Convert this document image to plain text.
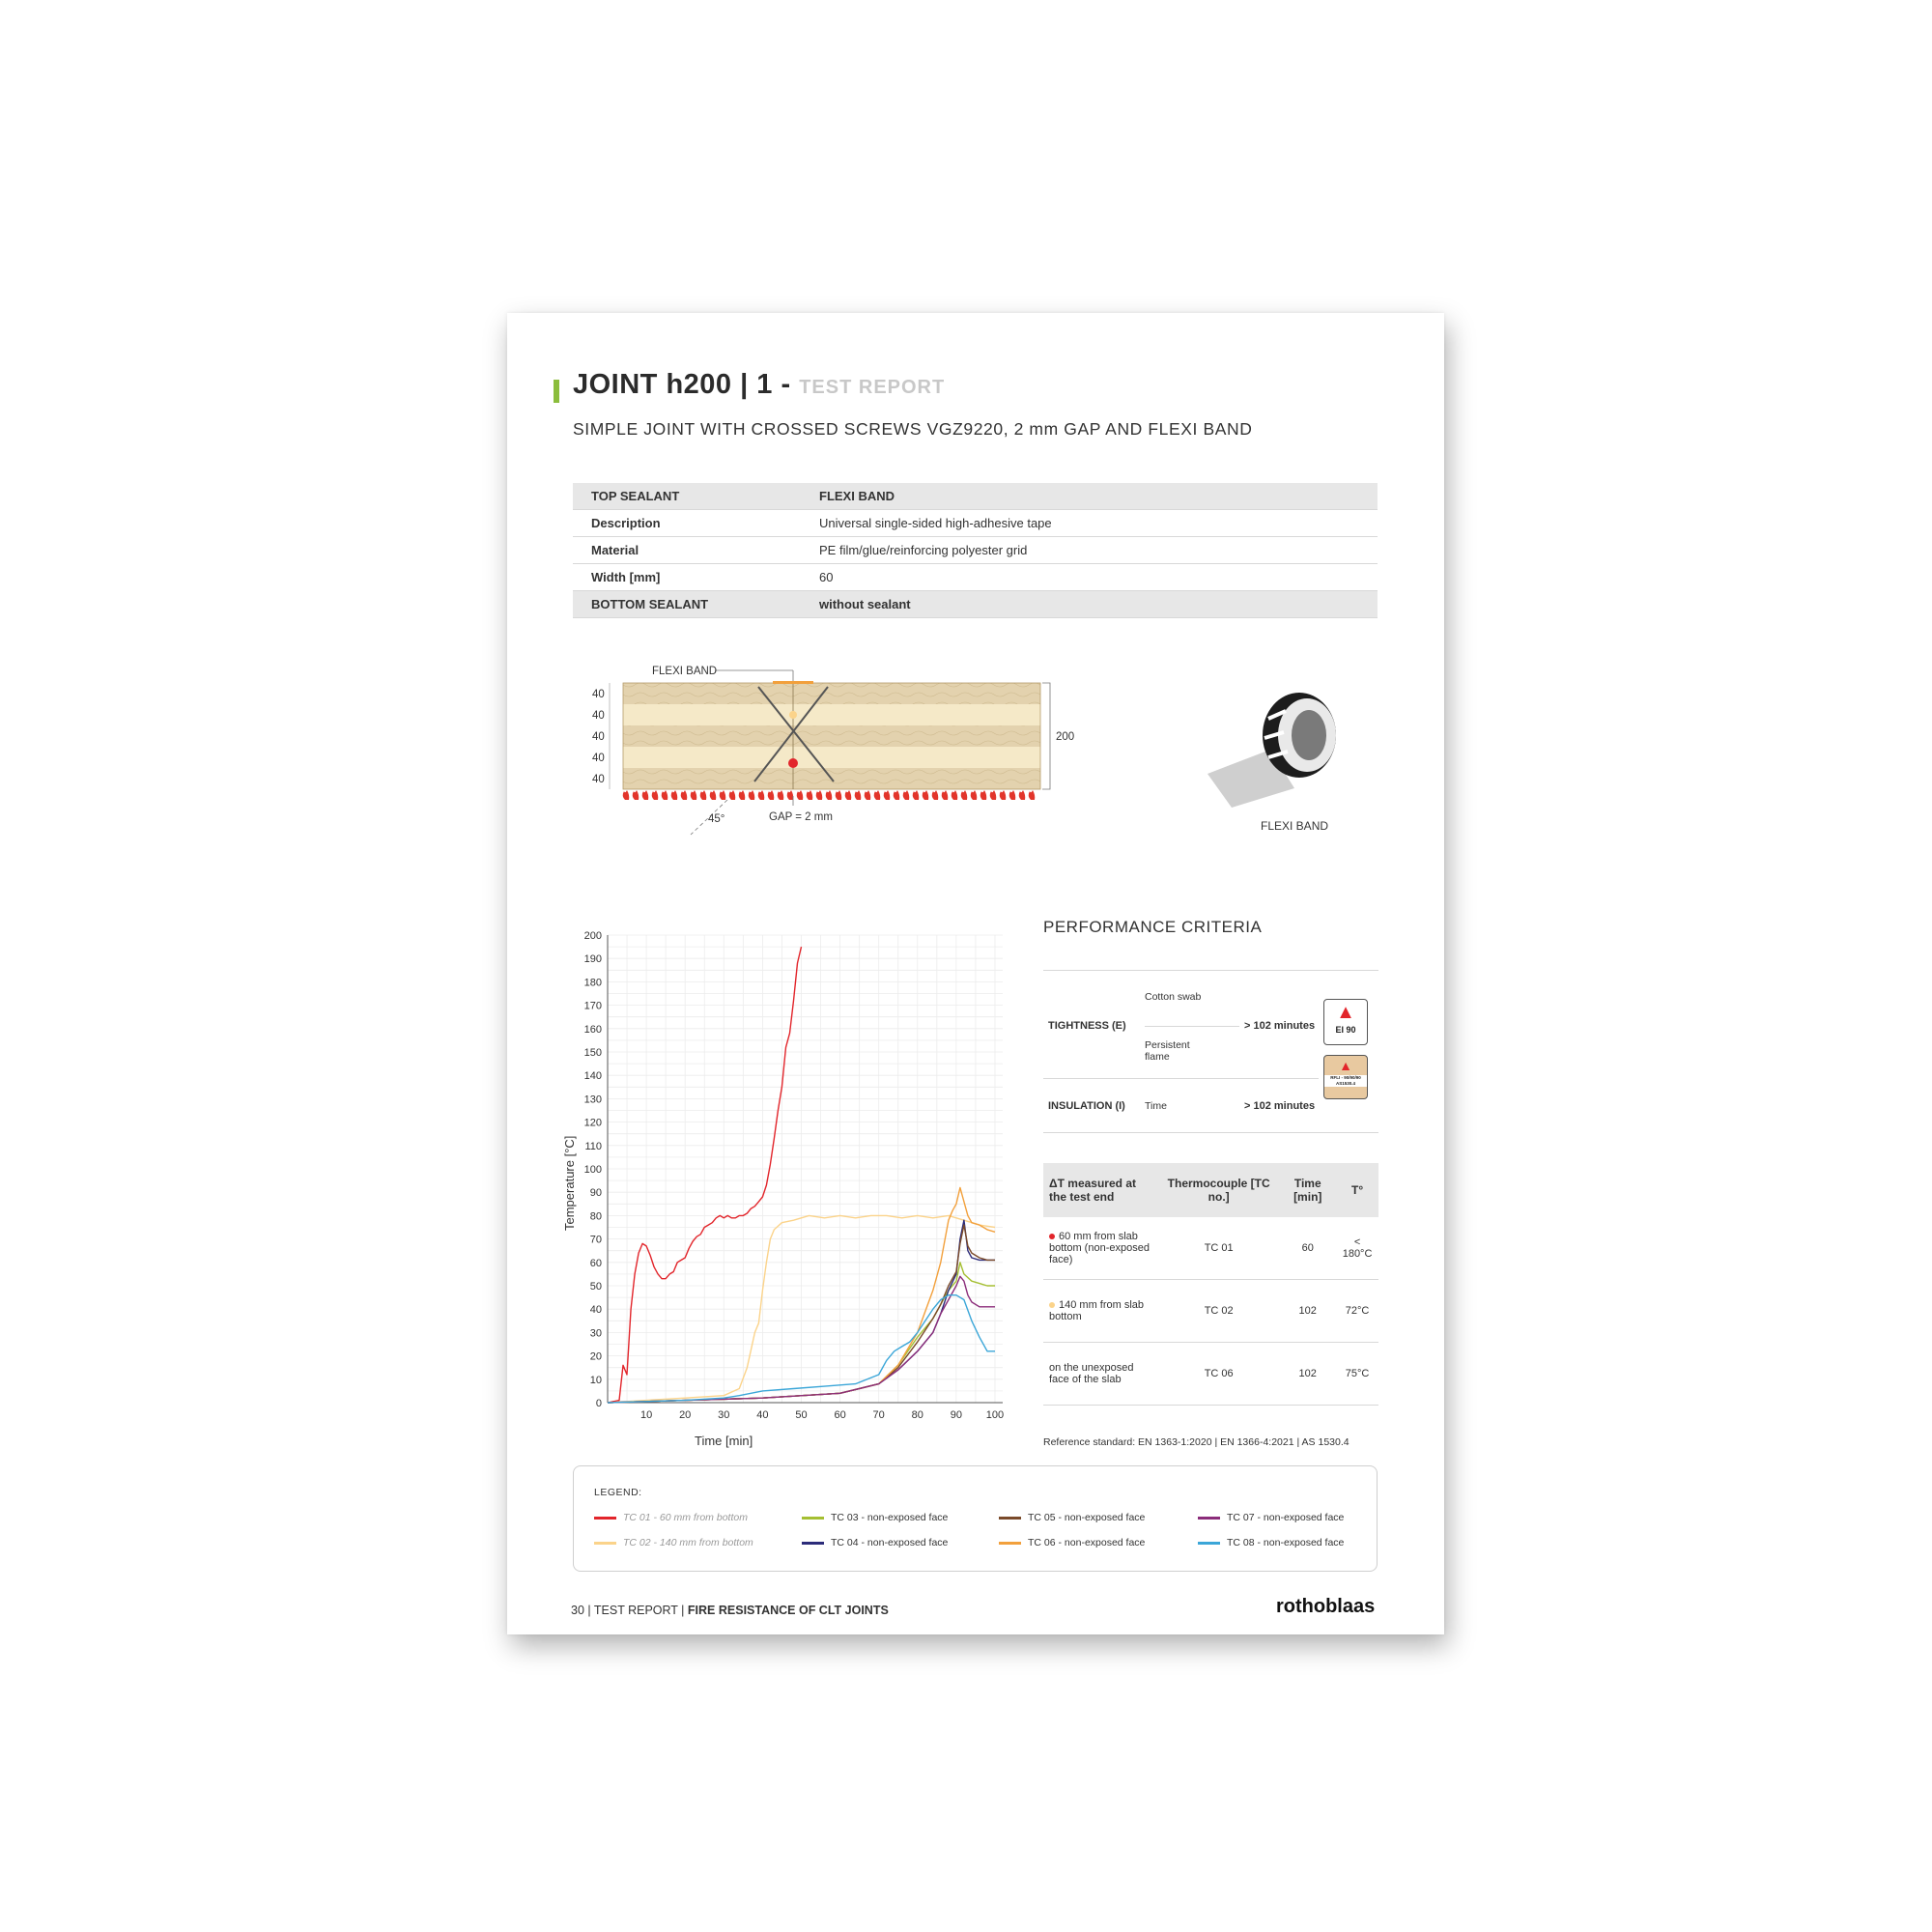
JOINT h200 | 1 - TEST REPORT
SIMPLE JOINT WITH CROSSED SCREWS VGZ9220, 2 mm GAP AND FLEXI BAND
TOP SEALANT	FLEXI BAND
Description	Universal single-sided high-adhesive tape
Material	PE film/glue/reinforcing polyester grid
Width [mm]	60
BOTTOM SEALANT	without sealant
FLEXI BAND
40
40
40
40
40
200
45°	GAP = 2 mm
FLEXI BAND
0
10
20
30
40
50
60
70
80
90
100
110
120
130
140
150
160
170
180
190
200
10	20	30	40	50	60	70	80	90 100
Time [min]
Temperature [°C]
PERFORMANCE CRITERIA
Cotton swab
TIGHTNESS (E)	> 102 minutes
Persistent flame
INSULATION (I) Time	> 102 minutes
▲
EI 90
▲
RFLI - 90/90/90 AS1530.4
ΔT measured at the test end	Thermocouple [TC no.]	Time [min]	T°
60 mm from slab bottom (non-exposed face)	TC 01	60	< 180°C
140 mm from slab bottom	TC 02	102	72°C
on the unexposed face of the slab	TC 06	102	75°C
Reference standard: EN 1363-1:2020 | EN 1366-4:2021 | AS 1530.4
LEGEND:
TC 01 - 60 mm from bottom
TC 02 - 140 mm from bottom
TC 03 - non-exposed face
TC 04 - non-exposed face
TC 05 - non-exposed face
TC 06 - non-exposed face
TC 07 - non-exposed face
TC 08 - non-exposed face
30 | TEST REPORT | FIRE RESISTANCE OF CLT JOINTS	rothoblaas
